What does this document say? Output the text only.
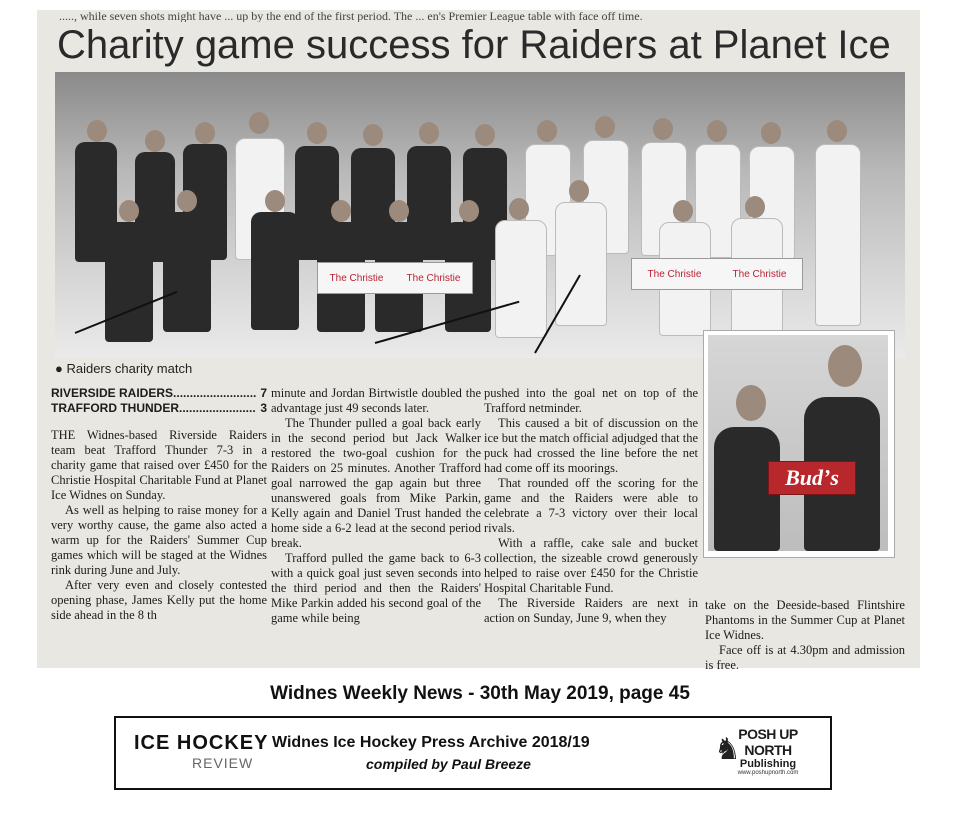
....., while seven shots might have ... up by the end of the first period. The ... en's Premier League table with face off time.
Charity game success for Raiders at Planet Ice
The Christie The Christie	The Christie	The Christie
● Raiders charity match
RIVERSIDE RAIDERS......................... 7
TRAFFORD THUNDER....................... 3

THE Widnes-based Riverside Raiders team beat Trafford Thunder 7-3 in a charity game that raised over £450 for the Christie Hospital Charitable Fund at Planet Ice Widnes on Sunday.

As well as helping to raise money for a very worthy cause, the game also acted a warm up for the Raiders' Summer Cup games which will be staged at the Widnes rink during June and July.

After very even and closely contested opening phase, James Kelly put the home side ahead in the 8 th

minute and Jordan Birtwistle doubled the advantage just 49 seconds later.

The Thunder pulled a goal back early in the second period but Jack Walker restored the two-goal cushion for the Raiders on 25 minutes. Another Trafford goal narrowed the gap again but three unanswered goals from Mike Parkin, Kelly again and Daniel Trust handed the home side a 6-2 lead at the second period break.

Trafford pulled the game back to 6-3 with a quick goal just seven seconds into the third period and then the Raiders' Mike Parkin added his second goal of the game while being

pushed into the goal net on top of the Trafford netminder.

This caused a bit of discussion on the ice but the match official adjudged that the puck had crossed the line before the net had come off its moorings.

That rounded off the scoring for the game and the Raiders were able to celebrate a 7-3 victory over their local rivals.

With a raffle, cake sale and bucket collection, the sizeable crowd generously helped to raise over £450 for the Christie Hospital Charitable Fund.

The Riverside Raiders are next in action on Sunday, June 9, when they

Budʼs

take on the Deeside-based Flintshire Phantoms in the Summer Cup at Planet Ice Widnes.

Face off is at 4.30pm and admission is free.

Widnes Weekly News - 30th May 2019, page 45
ICE HOCKEY
REVIEW
Widnes Ice Hockey Press Archive 2018/19
compiled by Paul Breeze	♞
POSH UP NORTH
Publishing
www.poshupnorth.com
